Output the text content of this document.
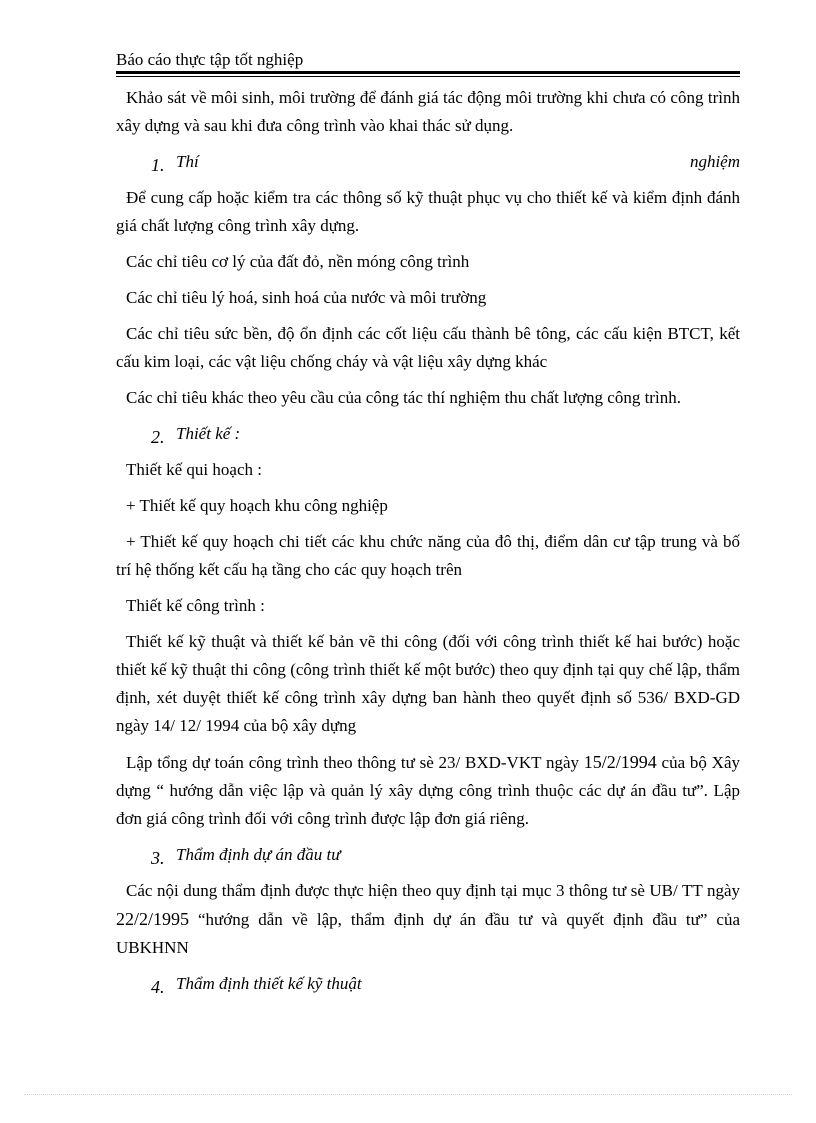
Báo cáo thực tập tốt nghiệp

Khảo sát về môi sinh, môi trường để đánh giá tác động môi trường khi chưa có công trình xây dựng và sau khi đưa công trình vào khai thác sử dụng.

1. Thí	nghiệm

Để cung cấp hoặc kiểm tra các thông số kỹ thuật phục vụ cho thiết kế và kiểm định đánh giá chất lượng công trình xây dựng.

Các chỉ tiêu cơ lý của đất đỏ, nền móng công trình

Các chỉ tiêu lý hoá, sinh hoá của nước và môi trường

Các chỉ tiêu sức bền, độ ổn định các cốt liệu cấu thành bê tông, các cấu kiện BTCT, kết cấu kim loại, các vật liệu chống cháy và vật liệu xây dựng khác

Các chỉ tiêu khác theo yêu cầu của công tác thí nghiệm thu chất lượng công trình.

2. Thiết kế :

Thiết kế qui hoạch :

+ Thiết kế quy hoạch khu công nghiệp

+ Thiết kế quy hoạch chi tiết các khu chức năng của đô thị, điểm dân cư tập trung và bố trí hệ thống kết cấu hạ tầng cho các quy hoạch trên

Thiết kế công trình :

Thiết kế kỹ thuật và thiết kế bản vẽ thi công (đối với công trình thiết kế hai bước) hoặc thiết kế kỹ thuật thi công (công trình thiết kế một bước) theo quy định tại quy chế lập, thẩm định, xét duyệt thiết kế công trình xây dựng ban hành theo quyết định số 536/ BXD-GD ngày 14/ 12/ 1994 của bộ xây dựng

Lập tổng dự toán công trình theo thông tư sè 23/ BXD-VKT ngày 15/2/1994 của bộ Xây dựng “ hướng dẫn việc lập và quản lý xây dựng công trình thuộc các dự án đầu tư”. Lập đơn giá công trình đối với công trình được lập đơn giá riêng.

3. Thẩm định dự án đầu tư

Các nội dung thẩm định được thực hiện theo quy định tại mục 3 thông tư sè UB/ TT ngày 22/2/1995 “hướng dẫn về lập, thẩm định dự án đầu tư và quyết định đầu tư” của UBKHNN

4. Thẩm định thiết kế kỹ thuật
